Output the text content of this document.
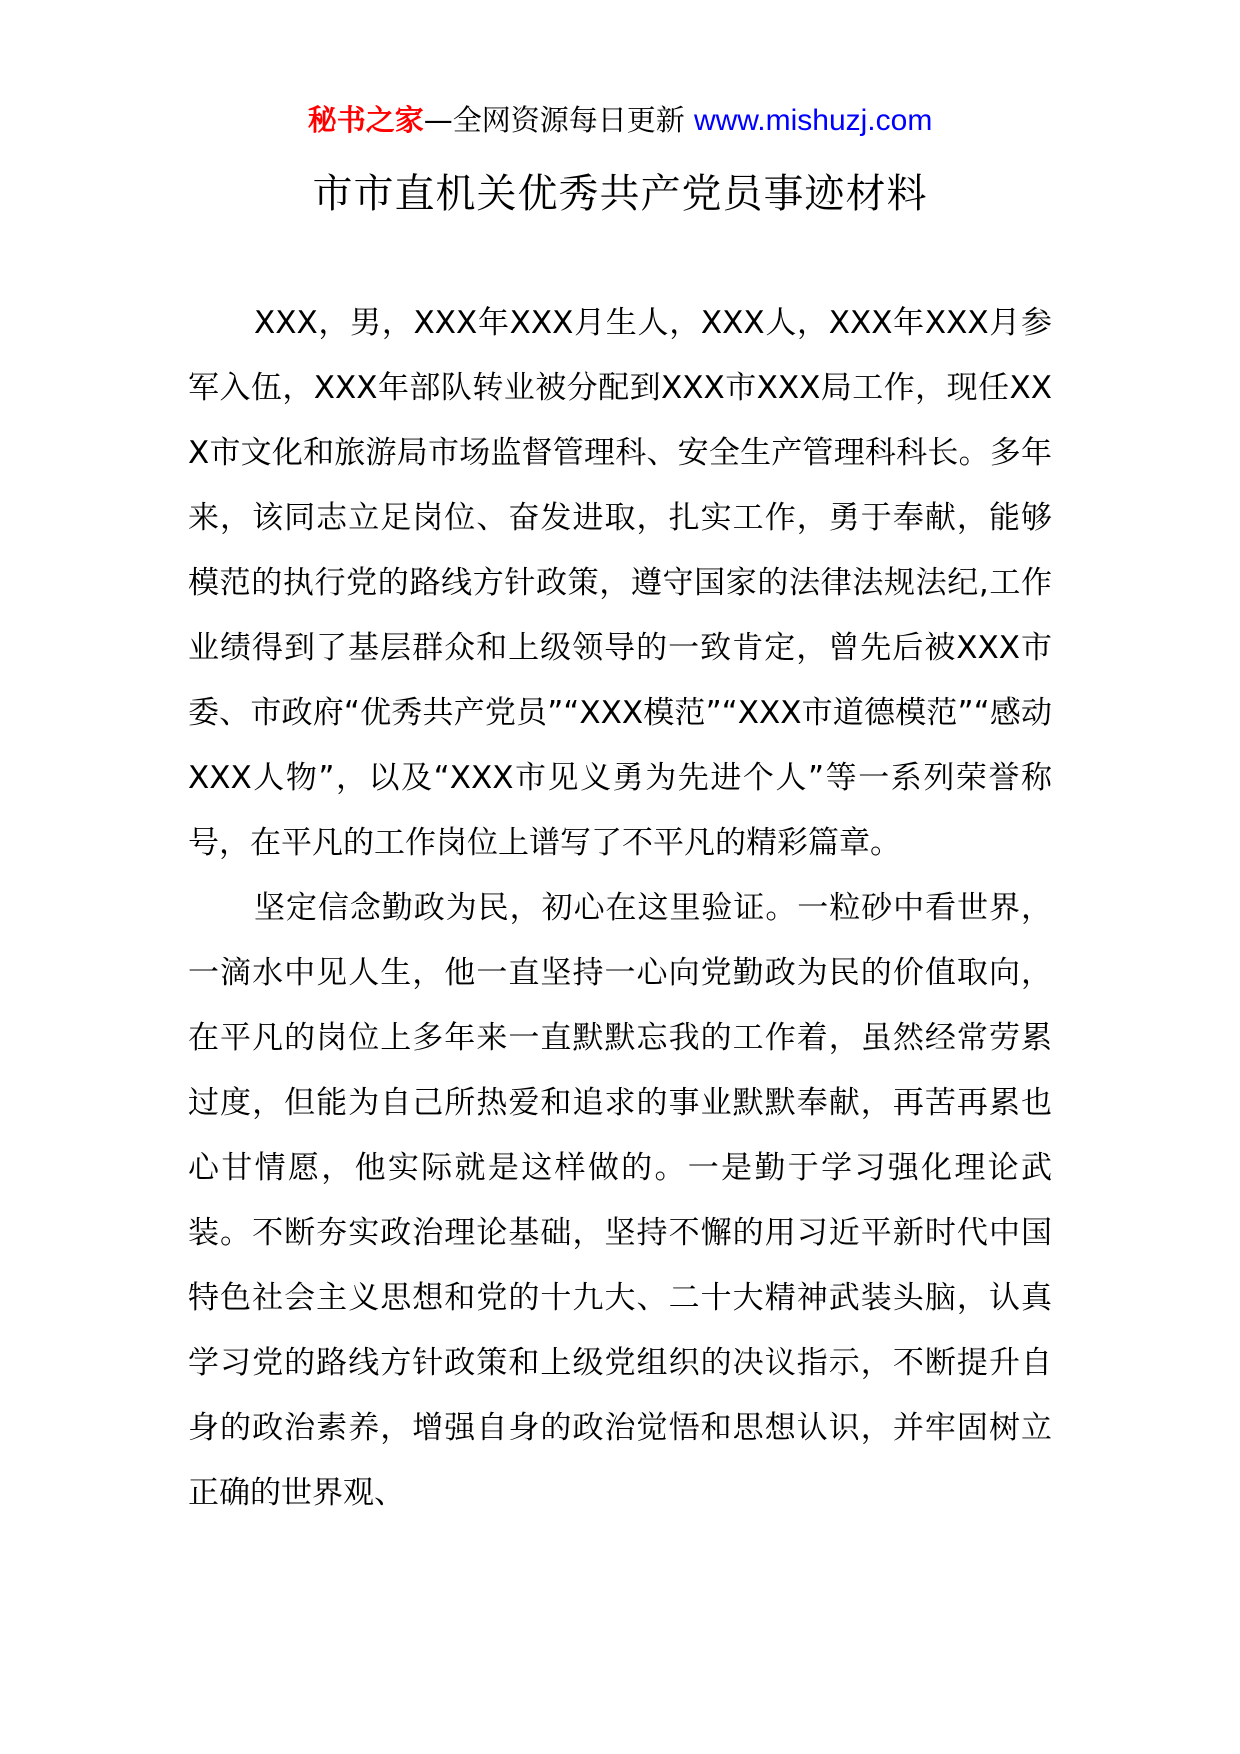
秘书之家—全网资源每日更新 www.mishuzj.com
市市直机关优秀共产党员事迹材料

XXX，男，XXX年XXX月生人，XXX人，XXX年XXX月参军入伍，XXX年部队转业被分配到XXX市XXX局工作，现任XXX市文化和旅游局市场监督管理科、安全生产管理科科长。多年来，该同志立足岗位、奋发进取，扎实工作，勇于奉献，能够模范的执行党的路线方针政策，遵守国家的法律法规法纪,工作业绩得到了基层群众和上级领导的一致肯定，曾先后被XXX市委、市政府“优秀共产党员”“XXX模范”“XXX市道德模范”“感动XXX人物”，以及“XXX市见义勇为先进个人”等一系列荣誉称号，在平凡的工作岗位上谱写了不平凡的精彩篇章。

坚定信念勤政为民，初心在这里验证。一粒砂中看世界，一滴水中见人生，他一直坚持一心向党勤政为民的价值取向，在平凡的岗位上多年来一直默默忘我的工作着，虽然经常劳累过度，但能为自己所热爱和追求的事业默默奉献，再苦再累也心甘情愿，他实际就是这样做的。一是勤于学习强化理论武装。不断夯实政治理论基础，坚持不懈的用习近平新时代中国特色社会主义思想和党的十九大、二十大精神武装头脑，认真学习党的路线方针政策和上级党组织的决议指示，不断提升自身的政治素养，增强自身的政治觉悟和思想认识，并牢固树立正确的世界观、
